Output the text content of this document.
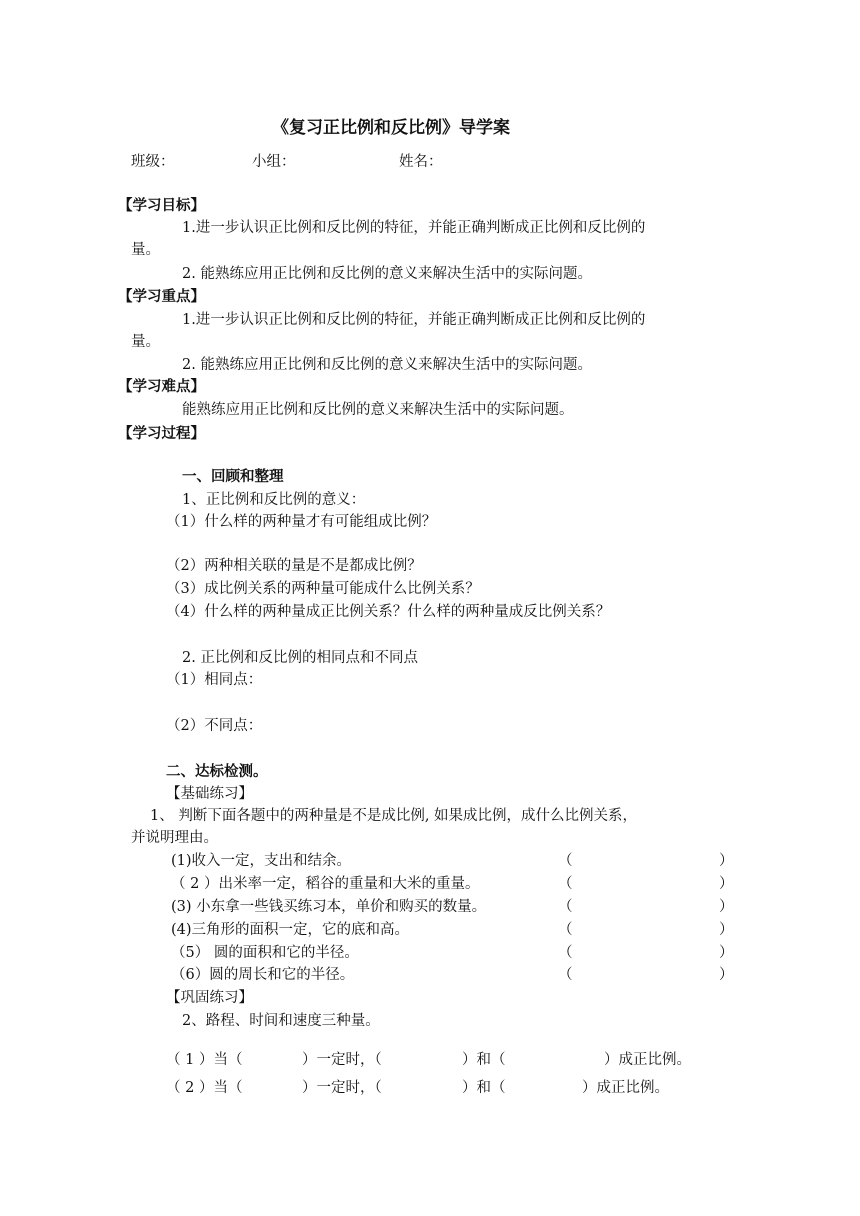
《复习正比例和反比例》导学案
班级：	小组：	姓名：
【学习目标】
1.进一步认识正比例和反比例的特征，并能正确判断成正比例和反比例的
量。
2. 能熟练应用正比例和反比例的意义来解决生活中的实际问题。
【学习重点】
1.进一步认识正比例和反比例的特征，并能正确判断成正比例和反比例的
量。
2. 能熟练应用正比例和反比例的意义来解决生活中的实际问题。
【学习难点】
能熟练应用正比例和反比例的意义来解决生活中的实际问题。
【学习过程】
一、回顾和整理
1、正比例和反比例的意义：
（1）什么样的两种量才有可能组成比例？
（2）两种相关联的量是不是都成比例？
（3）成比例关系的两种量可能成什么比例关系？
（4）什么样的两种量成正比例关系？什么样的两种量成反比例关系？
2. 正比例和反比例的相同点和不同点
（1）相同点：
（2）不同点：
二、达标检测。
【基础练习】
1、 判断下面各题中的两种量是不是成比例, 如果成比例，成什么比例关系，
并说明理由。
(1)收入一定，支出和结余。	（	）
（ 2 ）出米率一定，稻谷的重量和大米的重量。	（	）
(3) 小东拿一些钱买练习本，单价和购买的数量。	（	）
(4)三角形的面积一定，它的底和高。	（	）
（5） 圆的面积和它的半径。	（	）
（6）圆的周长和它的半径。	（	）
【巩固练习】
2、路程、时间和速度三种量。
（ 1 ）当（	）一定时，（	）和（	）成正比例。
（ 2 ）当（	）一定时，（	）和（	）成正比例。
